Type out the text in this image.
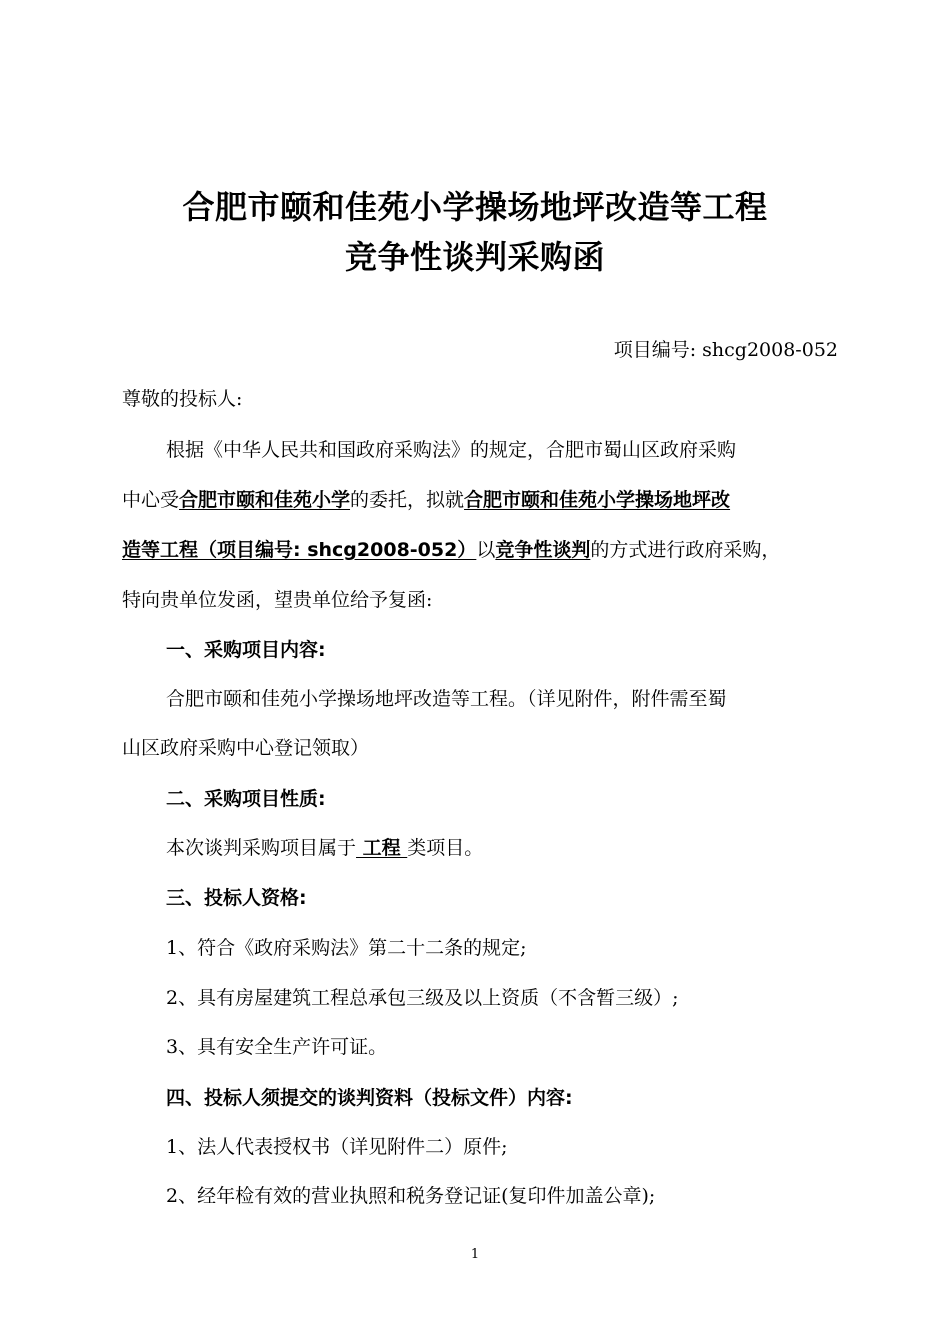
合肥市颐和佳苑小学操场地坪改造等工程
竞争性谈判采购函
项目编号: shcg2008-052
尊敬的投标人:
根据《中华人民共和国政府采购法》的规定，合肥市蜀山区政府采购
中心受合肥市颐和佳苑小学的委托，拟就合肥市颐和佳苑小学操场地坪改
造等工程（项目编号: shcg2008-052）以竞争性谈判的方式进行政府采购，
特向贵单位发函，望贵单位给予复函:
一、采购项目内容:
合肥市颐和佳苑小学操场地坪改造等工程。（详见附件，附件需至蜀
山区政府采购中心登记领取）
二、采购项目性质:
本次谈判采购项目属于 工程 类项目。
三、投标人资格:
1、符合《政府采购法》第二十二条的规定;
2、具有房屋建筑工程总承包三级及以上资质（不含暂三级）;
3、具有安全生产许可证。
四、投标人须提交的谈判资料（投标文件）内容:
1、法人代表授权书（详见附件二）原件;
2、经年检有效的营业执照和税务登记证(复印件加盖公章);
1
